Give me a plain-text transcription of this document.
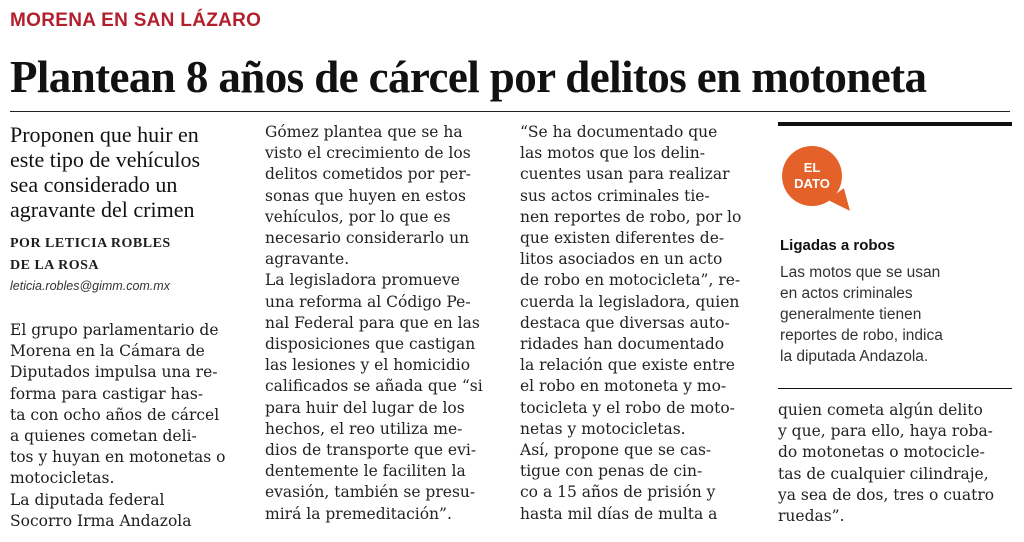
MORENA EN SAN LÁZARO
Plantean 8 años de cárcel por delitos en motoneta
Proponen que huir en
este tipo de vehículos
sea considerado un
agravante del crimen
POR LETICIA ROBLES
DE LA ROSA
leticia.robles@gimm.com.mx
El grupo parlamentario de
Morena en la Cámara de
Diputados impulsa una re-
forma para castigar has-
ta con ocho años de cárcel
a quienes cometan deli-
tos y huyan en motonetas o
motocicletas.
La diputada federal
Socorro Irma Andazola
Gómez plantea que se ha
visto el crecimiento de los
delitos cometidos por per-
sonas que huyen en estos
vehículos, por lo que es
necesario considerarlo un
agravante.
La legisladora promueve
una reforma al Código Pe-
nal Federal para que en las
disposiciones que castigan
las lesiones y el homicidio
calificados se añada que “si
para huir del lugar de los
hechos, el reo utiliza me-
dios de transporte que evi-
dentemente le faciliten la
evasión, también se presu-
mirá la premeditación”.
“Se ha documentado que
las motos que los delin-
cuentes usan para realizar
sus actos criminales tie-
nen reportes de robo, por lo
que existen diferentes de-
litos asociados en un acto
de robo en motocicleta”, re-
cuerda la legisladora, quien
destaca que diversas auto-
ridades han documentado
la relación que existe entre
el robo en motoneta y mo-
tocicleta y el robo de moto-
netas y motocicletas.
Así, propone que se cas-
tigue con penas de cin-
co a 15 años de prisión y
hasta mil días de multa a
EL
DATO
Ligadas a robos
Las motos que se usan
en actos criminales
generalmente tienen
reportes de robo, indica
la diputada Andazola.
quien cometa algún delito
y que, para ello, haya roba-
do motonetas o motocicle-
tas de cualquier cilindraje,
ya sea de dos, tres o cuatro
ruedas”.
